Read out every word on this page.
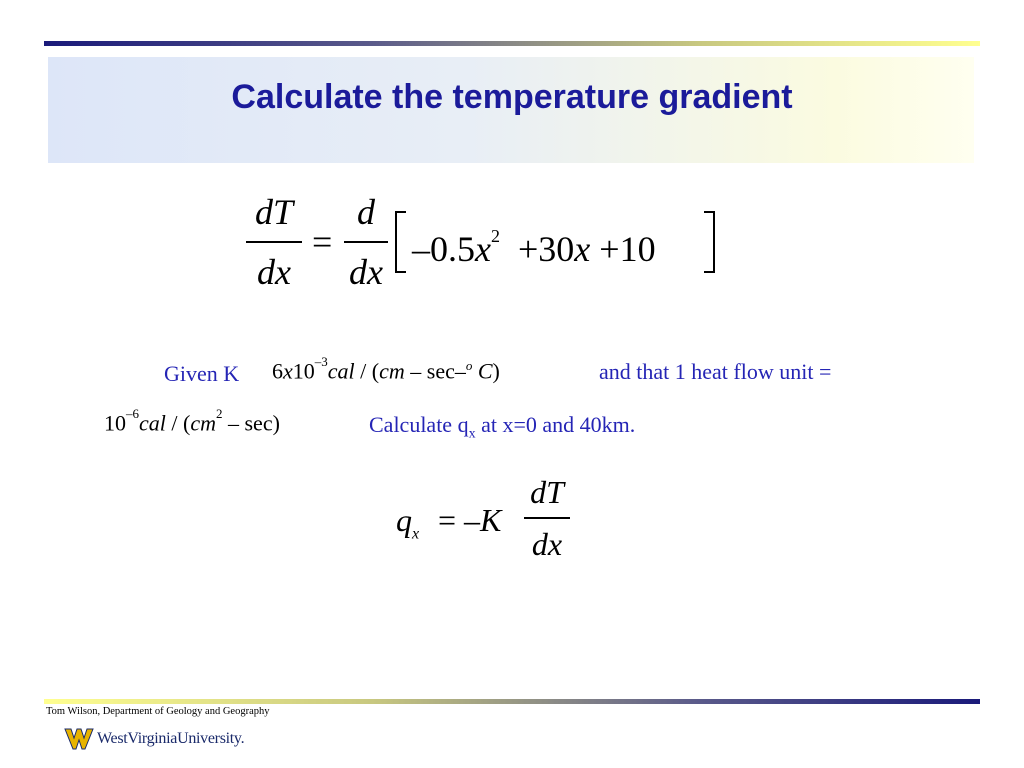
Calculate the temperature gradient
dT
dx
=
d
dx
$-0.5x^2 +30x +10$
Given K $6x10^{-3}cal / (cm - \sec-^o$ C)	and that 1 heat flow unit =
$10^{-6}cal / (cm^2 - \sec)$	Calculate $q_x$ at x=0 and 40km.
$q_x = -K$
dT
dx
Tom Wilson, Department of Geology and Geography
WestVirginiaUniversity.
